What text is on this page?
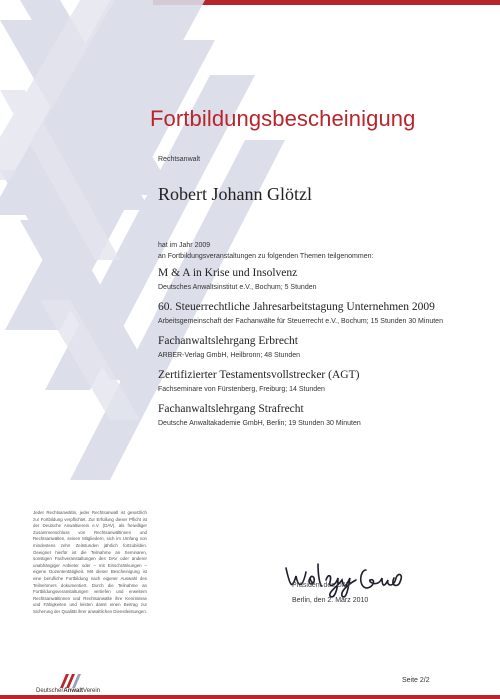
Fortbildungsbescheinigung
Rechtsanwalt
Robert Johann Glötzl
hat im Jahr 2009
an Fortbildungsveranstaltungen zu folgenden Themen teilgenommen:
M & A in Krise und Insolvenz
Deutsches Anwaltsinstitut e.V., Bochum; 5 Stunden
60. Steuerrechtliche Jahresarbeitstagung Unternehmen 2009
Arbeitsgemeinschaft der Fachanwälte für Steuerrecht e.V., Bochum; 15 Stunden 30 Minuten
Fachanwaltslehrgang Erbrecht
ARBER-Verlag GmbH, Heilbronn; 48 Stunden
Zertifizierter Testamentsvollstrecker (AGT)
Fachseminare von Fürstenberg, Freiburg; 14 Stunden
Fachanwaltslehrgang Strafrecht
Deutsche Anwaltakademie GmbH, Berlin; 19 Stunden 30 Minuten
Jeder Rechtsanwältin, jeder Rechtsanwalt ist gesetzlich zur Fortbildung verpflichtet. Zur Erfüllung dieser Pflicht ist der Deutsche Anwaltverein e.V. (DAV), als freiwilliger Zusammenschluss von Rechtsanwältinnen und Rechtsanwälten, seinen Mitgliedern, sich im Umfang von mindestens zehn Zeitstunden jährlich fortzubilden. Geeignet hierfür ist die Teilnahme an Seminaren, sonstigen Fachveranstaltungen des DAV oder anderer unabhängiger Anbieter oder – mit Einschränkungen – eigene Dozententätigkeit. Mit dieser Bescheinigung ist eine berufliche Fortbildung nach eigener Auswahl des Teilnehmers dokumentiert. Durch die Teilnahme an Fortbildungsveranstaltungen vertiefen und erweitern Rechtsanwältinnen und Rechtsanwälte ihre Kenntnisse und Fähigkeiten und leisten damit einen Beitrag zur Sicherung der Qualität ihrer anwaltlichen Dienstleistungen.
Präsident des DAV
Berlin, den 2. März 2010
DeutscherAnwaltVerein
Seite 2/2
